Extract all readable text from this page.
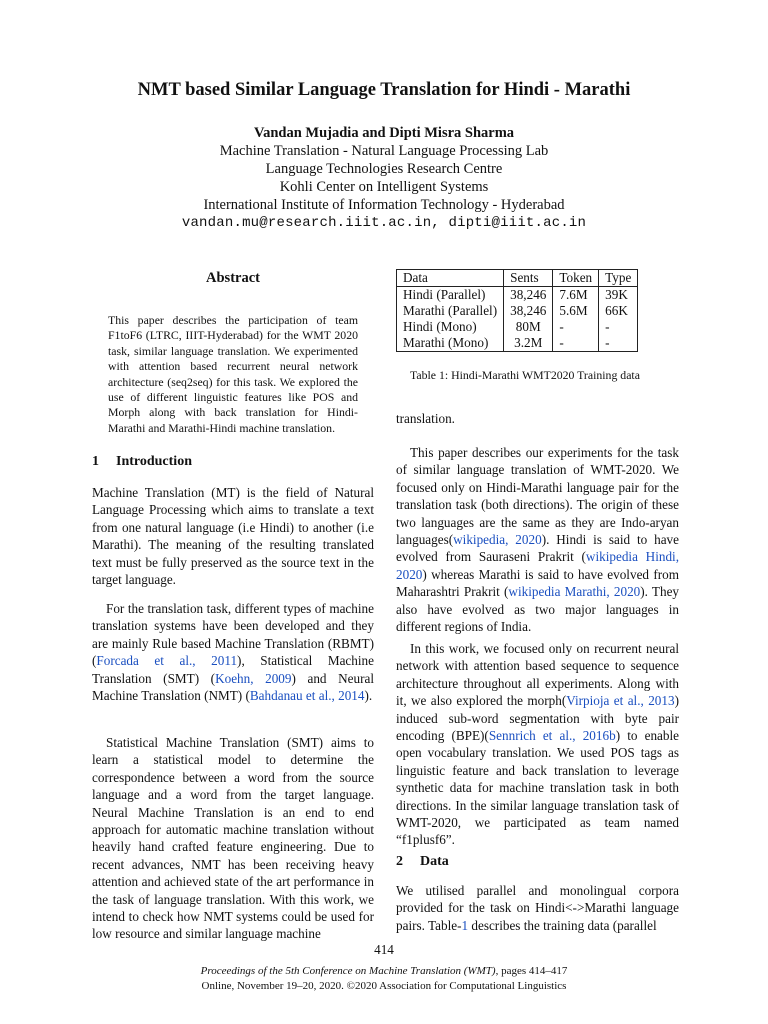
NMT based Similar Language Translation for Hindi - Marathi
Vandan Mujadia and Dipti Misra Sharma
Machine Translation - Natural Language Processing Lab
Language Technologies Research Centre
Kohli Center on Intelligent Systems
International Institute of Information Technology - Hyderabad
vandan.mu@research.iiit.ac.in, dipti@iiit.ac.in
Abstract

This paper describes the participation of team F1toF6 (LTRC, IIIT-Hyderabad) for the WMT 2020 task, similar language translation. We experimented with attention based recurrent neural network architecture (seq2seq) for this task. We explored the use of different linguistic features like POS and Morph along with back translation for Hindi-Marathi and Marathi-Hindi machine translation.

1 Introduction

Machine Translation (MT) is the field of Natural Language Processing which aims to translate a text from one natural language (i.e Hindi) to another (i.e Marathi). The meaning of the resulting translated text must be fully preserved as the source text in the target language.

For the translation task, different types of machine translation systems have been developed and they are mainly Rule based Machine Translation (RBMT)(Forcada et al., 2011), Statistical Machine Translation (SMT) (Koehn, 2009) and Neural Machine Translation (NMT) (Bahdanau et al., 2014).

Statistical Machine Translation (SMT) aims to learn a statistical model to determine the correspondence between a word from the source language and a word from the target language. Neural Machine Translation is an end to end approach for automatic machine translation without heavily hand crafted feature engineering. Due to recent advances, NMT has been receiving heavy attention and achieved state of the art performance in the task of language translation. With this work, we intend to check how NMT systems could be used for low resource and similar language machine

Data	Sents	Token	Type
Hindi (Parallel)	38,246	7.6M	39K
Marathi (Parallel)	38,246	5.6M	66K
Hindi (Mono)	80M	-	-
Marathi (Mono)	3.2M	-	-
Table 1: Hindi-Marathi WMT2020 Training data

translation.

This paper describes our experiments for the task of similar language translation of WMT-2020. We focused only on Hindi-Marathi language pair for the translation task (both directions). The origin of these two languages are the same as they are Indo-aryan languages(wikipedia, 2020). Hindi is said to have evolved from Sauraseni Prakrit (wikipedia Hindi, 2020) whereas Marathi is said to have evolved from Maharashtri Prakrit (wikipedia Marathi, 2020). They also have evolved as two major languages in different regions of India.

In this work, we focused only on recurrent neural network with attention based sequence to sequence architecture throughout all experiments. Along with it, we also explored the morph(Virpioja et al., 2013) induced sub-word segmentation with byte pair encoding (BPE)(Sennrich et al., 2016b) to enable open vocabulary translation. We used POS tags as linguistic feature and back translation to leverage synthetic data for machine translation task in both directions. In the similar language translation task of WMT-2020, we participated as team named “f1plusf6”.

2 Data

We utilised parallel and monolingual corpora provided for the task on Hindi<->Marathi language pairs. Table-1 describes the training data (parallel

414
Proceedings of the 5th Conference on Machine Translation (WMT), pages 414–417
Online, November 19–20, 2020. ©2020 Association for Computational Linguistics
